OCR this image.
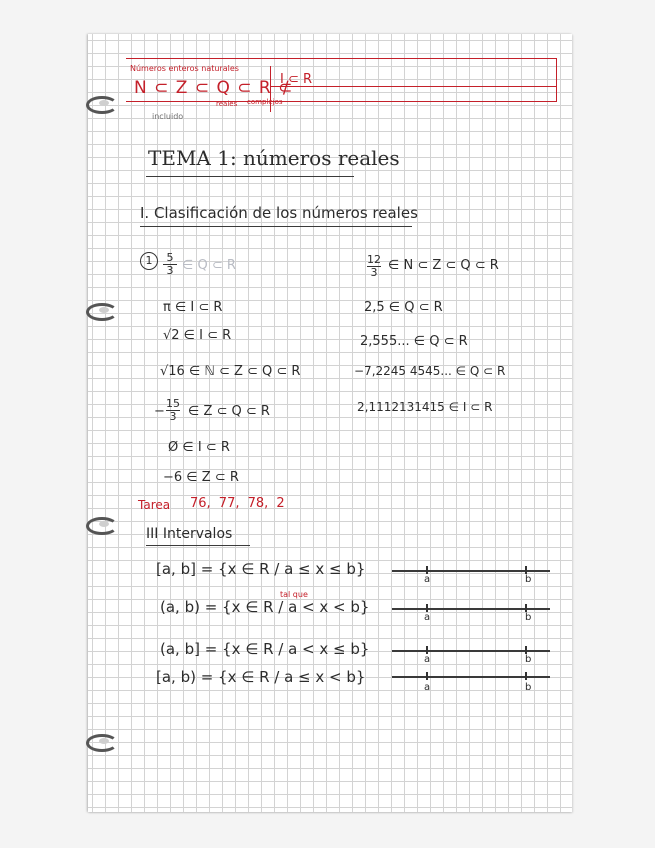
Números enteros naturales
N ⊂ Z ⊂ Q ⊂ R ⊄
reales complejos
incluido
I ⊂ R
TEMA 1: números reales
I. Clasificación de los números reales
1	5
3 ∈ Q ⊂ R
π ∈ I ⊂ R
√2 ∈ I ⊂ R
√16 ∈ ℕ ⊂ Z ⊂ Q ⊂ R
−
15
3 ∈ Z ⊂ Q ⊂ R
Ø ∈ I ⊂ R
−6 ∈ Z ⊂ R
12
3 ∈ N ⊂ Z ⊂ Q ⊂ R
2,5 ∈ Q ⊂ R
2,555... ∈ Q ⊂ R
−7,2245 4545... ∈ Q ⊂ R
2,1112131415 ∈ I ⊂ R
Tarea 76, 77, 78, 2
III Intervalos
tal que
[a, b] = {x ∈ R / a ≤ x ≤ b}
a	b
(a, b) = {x ∈ R / a < x < b}
a	b
(a, b] = {x ∈ R / a < x ≤ b}
a	b
[a, b) = {x ∈ R / a ≤ x < b}
a	b
